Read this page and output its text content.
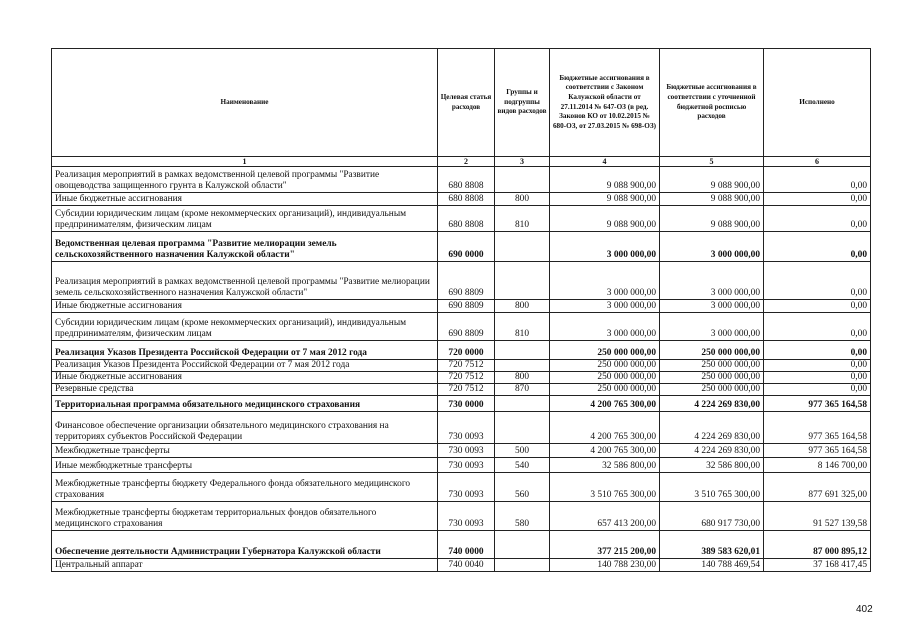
Наименование	Целевая статья расходов	Группы и подгруппы видов расходов	Бюджетные ассигнования в соответствии с Законом Калужской области от 27.11.2014 № 647-ОЗ (в ред. Законов КО от 10.02.2015 № 680-ОЗ, от 27.03.2015 № 698-ОЗ)	Бюджетные ассигнования в соответствии с уточненной бюджетной росписью расходов	Исполнено
1	2	3	4	5	6
Реализация мероприятий в рамках ведомственной целевой программы "Развитие овощеводства защищенного грунта в Калужской области"	680 8808		9 088 900,00	9 088 900,00	0,00
Иные бюджетные ассигнования	680 8808	800	9 088 900,00	9 088 900,00	0,00
Субсидии юридическим лицам (кроме некоммерческих организаций), индивидуальным предпринимателям, физическим лицам	680 8808	810	9 088 900,00	9 088 900,00	0,00
Ведомственная целевая программа "Развитие мелиорации земель сельскохозяйственного назначения Калужской области"	690 0000		3 000 000,00	3 000 000,00	0,00
Реализация мероприятий в рамках ведомственной целевой программы "Развитие мелиорации земель сельскохозяйственного назначения Калужской области"	690 8809		3 000 000,00	3 000 000,00	0,00
Иные бюджетные ассигнования	690 8809	800	3 000 000,00	3 000 000,00	0,00
Субсидии юридическим лицам (кроме некоммерческих организаций), индивидуальным предпринимателям, физическим лицам	690 8809	810	3 000 000,00	3 000 000,00	0,00
Реализация Указов Президента Российской Федерации от 7 мая 2012 года	720 0000		250 000 000,00	250 000 000,00	0,00
Реализация Указов Президента Российской Федерации от 7 мая 2012 года	720 7512		250 000 000,00	250 000 000,00	0,00
Иные бюджетные ассигнования	720 7512	800	250 000 000,00	250 000 000,00	0,00
Резервные средства	720 7512	870	250 000 000,00	250 000 000,00	0,00
Территориальная программа обязательного медицинского страхования	730 0000		4 200 765 300,00	4 224 269 830,00	977 365 164,58
Финансовое обеспечение организации обязательного медицинского страхования на территориях субъектов Российской Федерации	730 0093		4 200 765 300,00	4 224 269 830,00	977 365 164,58
Межбюджетные трансферты	730 0093	500	4 200 765 300,00	4 224 269 830,00	977 365 164,58
Иные межбюджетные трансферты	730 0093	540	32 586 800,00	32 586 800,00	8 146 700,00
Межбюджетные трансферты бюджету Федерального фонда обязательного медицинского страхования	730 0093	560	3 510 765 300,00	3 510 765 300,00	877 691 325,00
Межбюджетные трансферты бюджетам территориальных фондов обязательного медицинского страхования	730 0093	580	657 413 200,00	680 917 730,00	91 527 139,58
Обеспечение деятельности Администрации Губернатора Калужской области	740 0000		377 215 200,00	389 583 620,01	87 000 895,12
Центральный аппарат	740 0040		140 788 230,00	140 788 469,54	37 168 417,45
402
